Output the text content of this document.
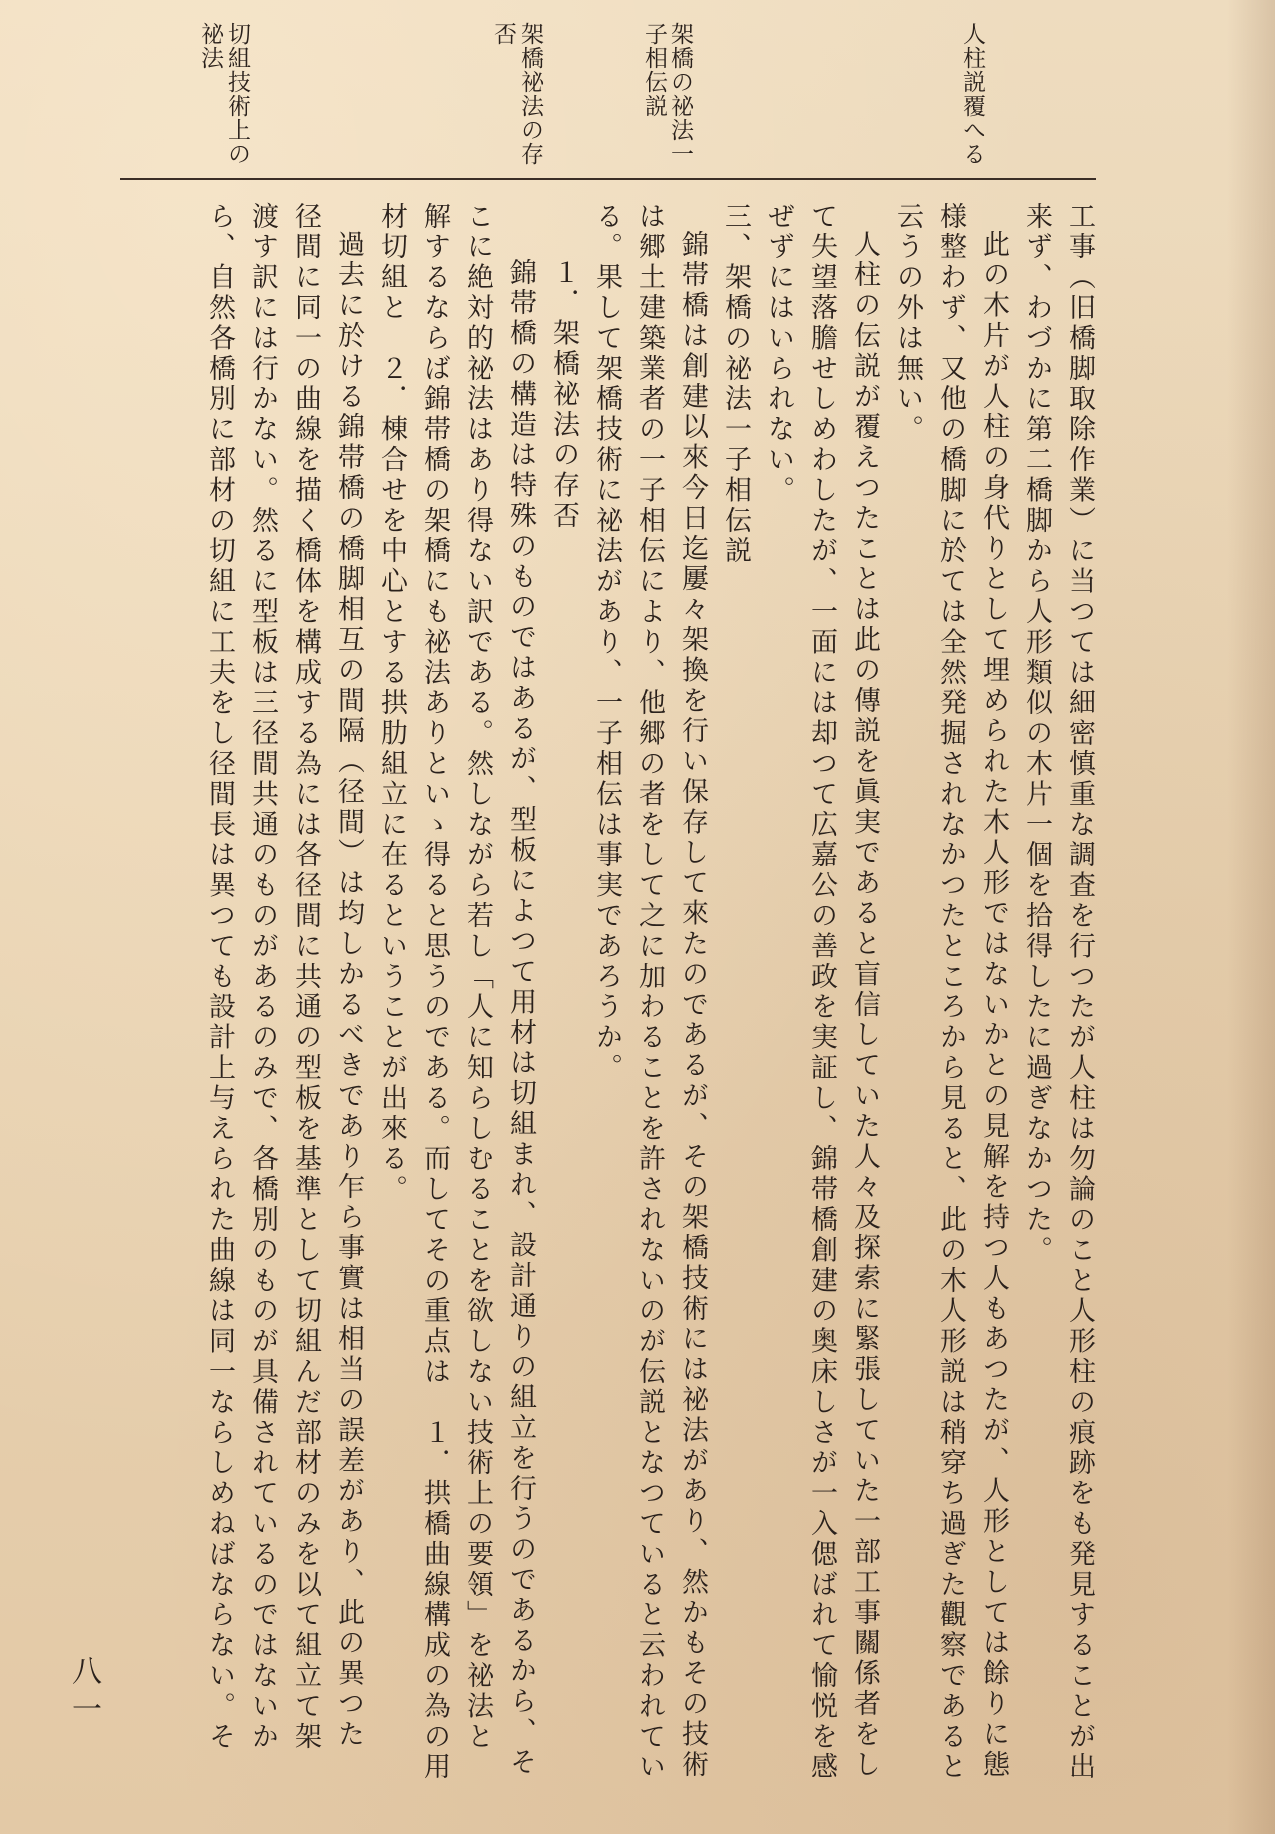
人柱説覆へる
架橋の祕法一
子相伝説
架橋祕法の存
否
切組技術上の
祕法
工事（旧橋脚取除作業）に当つては細密慎重な調査を行つたが人柱は勿論のこと人形柱の痕跡をも発見することが出
来ず、わづかに第二橋脚から人形類似の木片一個を拾得したに過ぎなかつた。
此の木片が人柱の身代りとして埋められた木人形ではないかとの見解を持つ人もあつたが、人形としては餘りに態
様整わず、又他の橋脚に於ては全然発掘されなかつたところから見ると、此の木人形説は稍穿ち過ぎた觀察であると
云うの外は無い。
人柱の伝説が覆えつたことは此の傳説を眞実であると盲信していた人々及探索に緊張していた一部工事關係者をし
て失望落膽せしめわしたが、一面には却つて広嘉公の善政を実証し、錦帯橋創建の奥床しさが一入偲ばれて愉悦を感
ぜずにはいられない。
三、架橋の祕法一子相伝説
錦帯橋は創建以來今日迄屢々架換を行い保存して來たのであるが、その架橋技術には祕法があり、然かもその技術
は郷土建築業者の一子相伝により、他郷の者をして之に加わることを許されないのが伝説となつていると云われてい
る。果して架橋技術に祕法があり、一子相伝は事実であろうか。
１．架橋祕法の存否
錦帯橋の構造は特殊のものではあるが、型板によつて用材は切組まれ、設計通りの組立を行うのであるから、そ
こに絶対的祕法はあり得ない訳である。然しながら若し「人に知らしむることを欲しない技術上の要領」を祕法と
解するならば錦帯橋の架橋にも祕法ありといゝ得ると思うのである。而してその重点は　１．拱橋曲線構成の為の用
材切組と　２．棟合せを中心とする拱肋組立に在るということが出來る。
過去に於ける錦帯橋の橋脚相互の間隔（径間）は均しかるべきであり乍ら事實は相当の誤差があり、此の異つた
径間に同一の曲線を描く橋体を構成する為には各径間に共通の型板を基準として切組んだ部材のみを以て組立て架
渡す訳には行かない。然るに型板は三径間共通のものがあるのみで、各橋別のものが具備されているのではないか
ら、自然各橋別に部材の切組に工夫をし径間長は異つても設計上与えられた曲線は同一ならしめねばならない。そ
八一
